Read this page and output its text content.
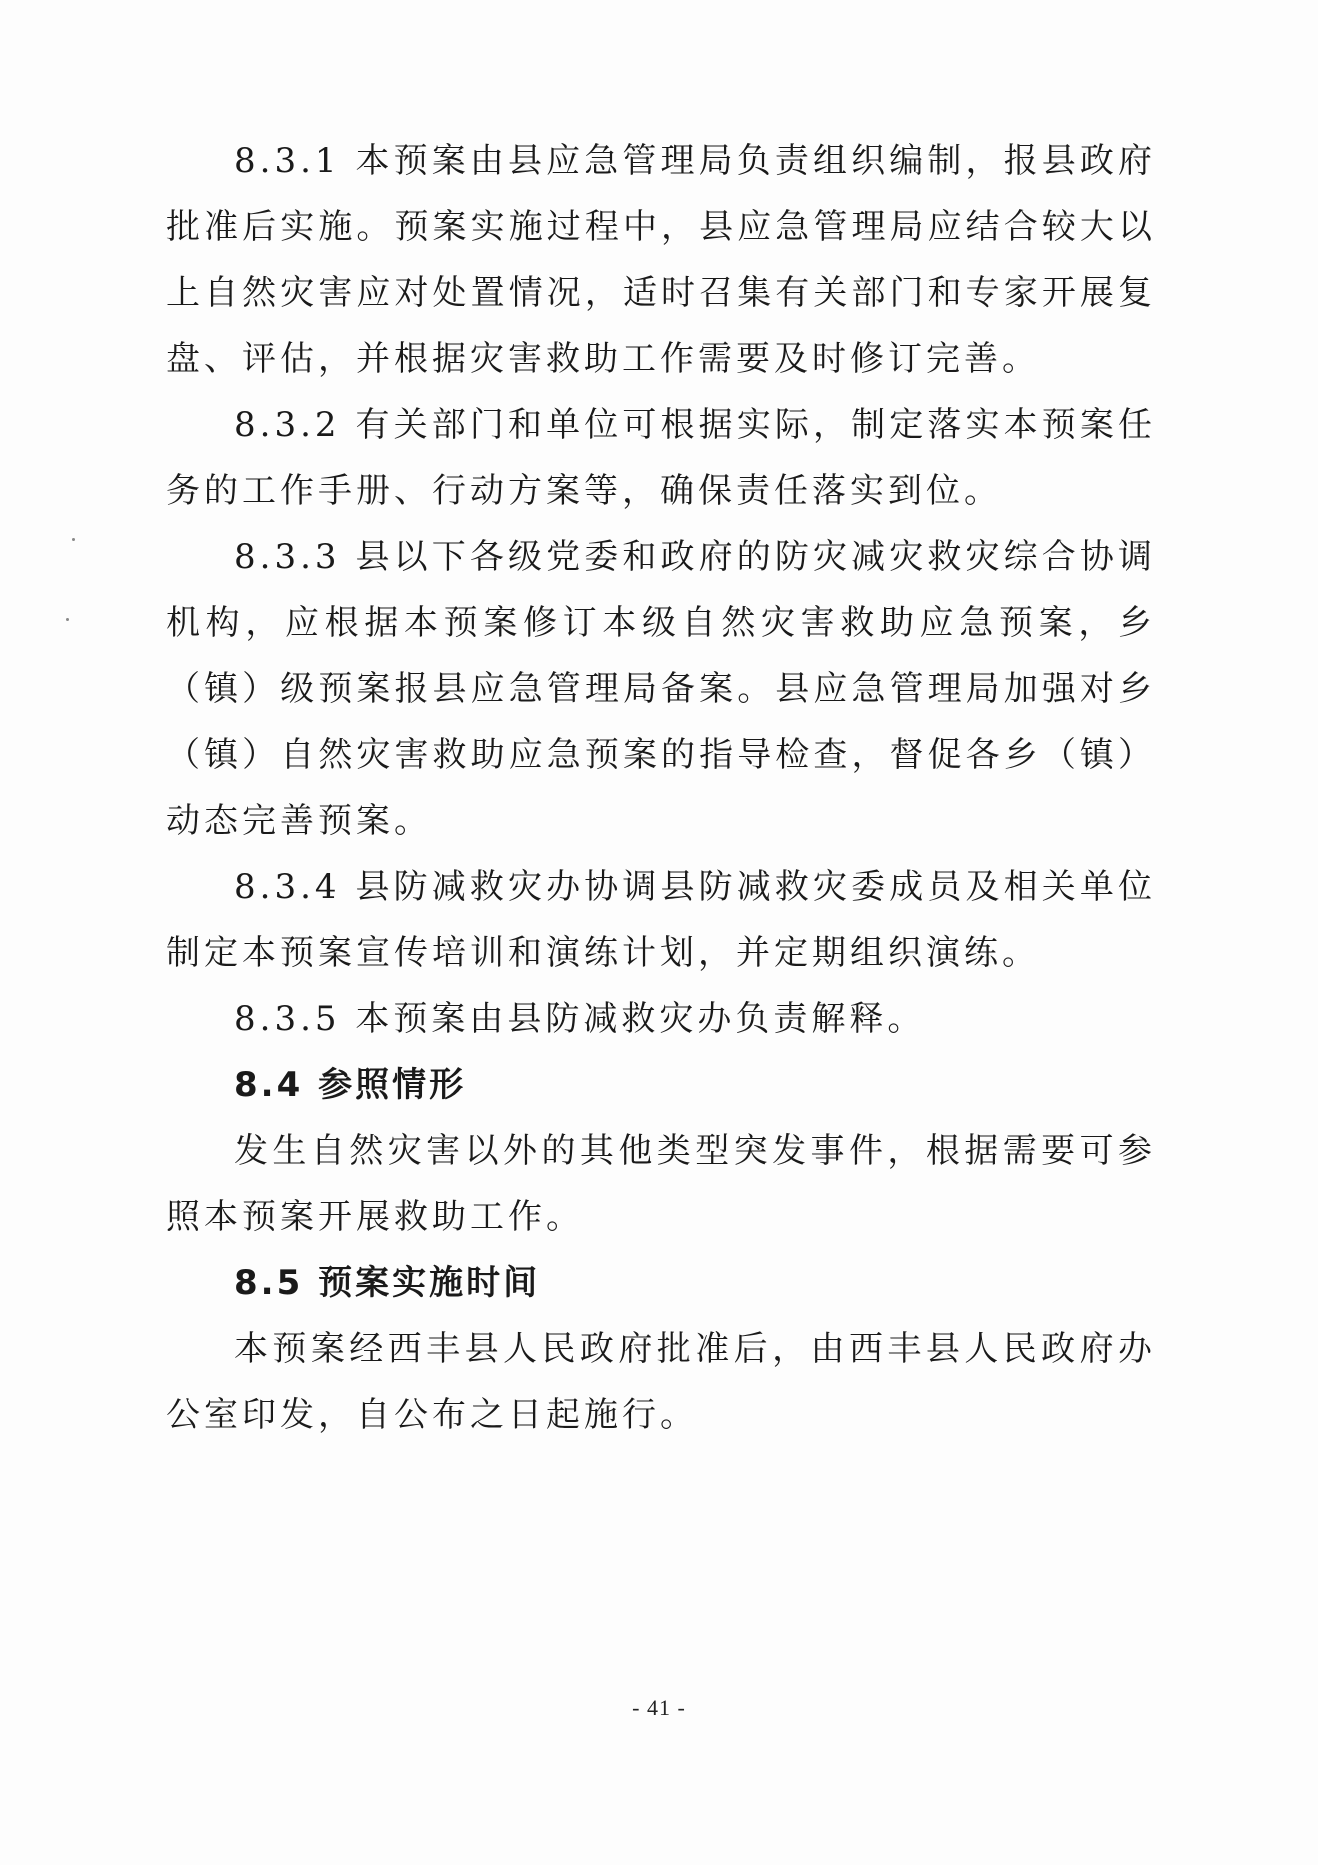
8.3.1 本预案由县应急管理局负责组织编制，报县政府批准后实施。预案实施过程中，县应急管理局应结合较大以上自然灾害应对处置情况，适时召集有关部门和专家开展复盘、评估，并根据灾害救助工作需要及时修订完善。

8.3.2 有关部门和单位可根据实际，制定落实本预案任务的工作手册、行动方案等，确保责任落实到位。

8.3.3 县以下各级党委和政府的防灾减灾救灾综合协调机构，应根据本预案修订本级自然灾害救助应急预案，乡（镇）级预案报县应急管理局备案。县应急管理局加强对乡（镇）自然灾害救助应急预案的指导检查，督促各乡（镇）动态完善预案。

8.3.4 县防减救灾办协调县防减救灾委成员及相关单位制定本预案宣传培训和演练计划，并定期组织演练。

8.3.5 本预案由县防减救灾办负责解释。

8.4 参照情形

发生自然灾害以外的其他类型突发事件，根据需要可参照本预案开展救助工作。

8.5 预案实施时间

本预案经西丰县人民政府批准后，由西丰县人民政府办公室印发，自公布之日起施行。

- 41 -
